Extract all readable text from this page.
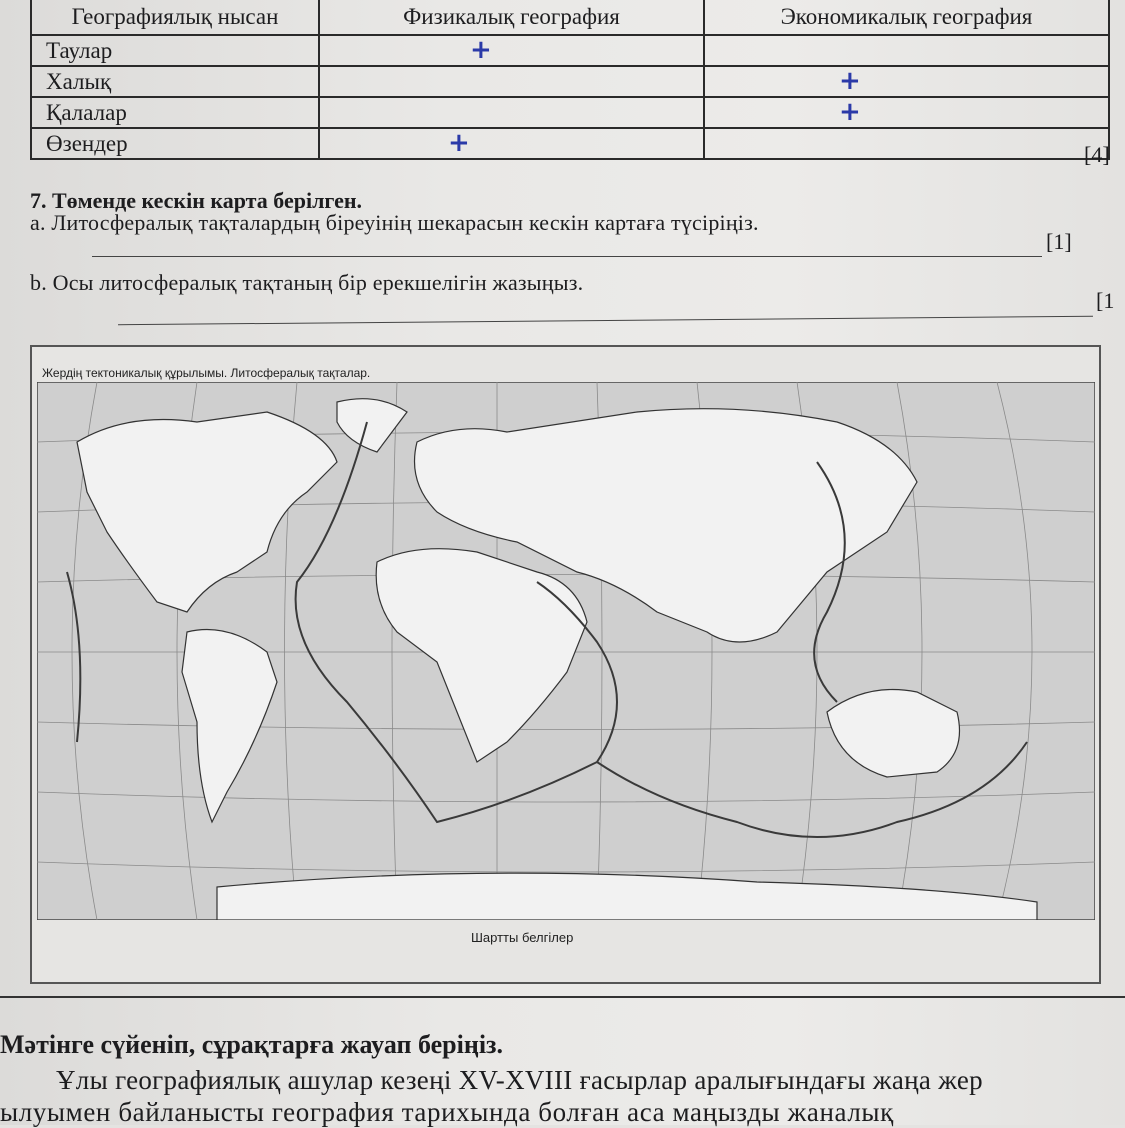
Географиялық нысан	Физикалық география	Экономикалық география
Таулар	+	
Халық		+
Қалалар		+
Өзендер	+		[4]
7. Төменде кескін карта берілген.
a. Литосфералық тақталардың біреуінің шекарасын кескін картаға түсіріңіз.
[1]
b. Осы литосфералық тақтаның бір ерекшелігін жазыңыз.
[1
Жердің тектоникалық құрылымы. Литосфералық тақталар.
Шартты белгілер
Мәтінге сүйеніп, сұрақтарға жауап беріңіз.
Ұлы географиялық ашулар кезеңі XV-XVIII ғасырлар аралығындағы жаңа жер
ылуымен байланысты география тарихында болған аса маңызды жаналық
